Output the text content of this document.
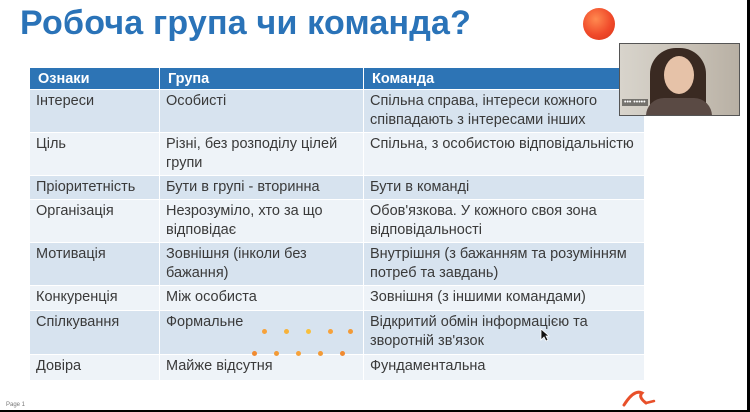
Робоча група чи команда?
Ознаки	Група	Команда
Інтереси	Особисті	Спільна справа, інтереси кожного співпадають з інтересами інших
Ціль	Різні, без розподілу цілей групи	Спільна, з особистою відповідальністю
Пріоритетність	Бути в групі - вторинна	Бути в команді
Організація	Незрозуміло, хто за що відповідає	Обов'язкова. У кожного своя зона відповідальності
Мотивація	Зовнішня (інколи без бажання)	Внутрішня (з бажанням та розумінням потреб та завдань)
Конкуренція	Між особиста	Зовнішня (з іншими командами)
Спілкування	Формальне	Відкритий обмін інформацією та зворотній зв'язок
Довіра	Майже відсутня	Фундаментальна
Page 1
••• •••••
